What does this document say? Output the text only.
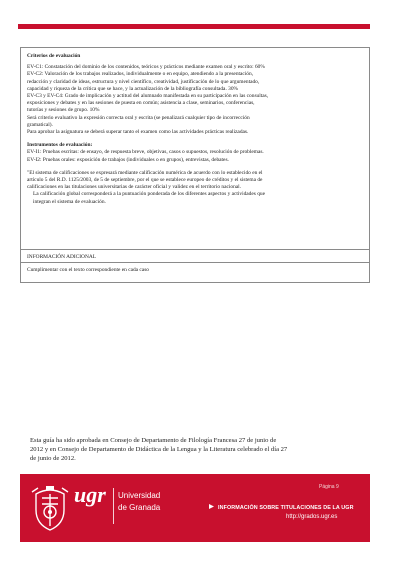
Criterios de evaluación
EV-C1: Constatación del dominio de los contenidos, teóricos y prácticos mediante examen oral y escrito: 60%
EV-C2: Valoración de los trabajos realizados, individualmente o en equipo, atendiendo a la presentación,
redacción y claridad de ideas, estructura y nivel científico, creatividad, justificación de lo que argumentado,
capacidad y riqueza de la crítica que se hace, y la actualización de la bibliografía consultada. 30%
EV-C3 y EV-C4: Grado de implicación y actitud del alumnado manifestada en su participación en las consultas,
exposiciones y debates y en las sesiones de puesta en común; asistencia a clase, seminarios, conferencias,
tutorías y sesiones de grupo. 10%
Será criterio evaluativo la expresión correcta oral y escrita (se penalizará cualquier tipo de incorrección
gramatical).
Para aprobar la asignatura se deberá superar tanto el examen como las actividades prácticas realizadas.
Instrumentos de evaluación:
EV-I1: Pruebas escritas: de ensayo, de respuesta breve, objetivas, casos o supuestos, resolución de problemas.
EV-I2: Pruebas orales: exposición de trabajos (individuales o en grupos), entrevistas, debates.
"El sistema de calificaciones se expresará mediante calificación numérica de acuerdo con lo establecido en el
artículo 5 del R.D. 1125/2003, de 5 de septiembre, por el que se establece europeo de créditos y el sistema de
calificaciones en las titulaciones universitarias de carácter oficial y validez en el territorio nacional.
La calificación global corresponderá a la puntuación ponderada de los diferentes aspectos y actividades que
integran el sistema de evaluación.
INFORMACIÓN ADICIONAL
Cumplimentar con el texto correspondiente en cada caso
Esta guía ha sido aprobada en Consejo de Departamento de Filología Francesa 27 de junio de
2012 y en Consejo de Departamento de Didáctica de la Lengua y la Literatura celebrado el día 27
de junio de 2012.
ugr Universidad
de Granada
Página 9
INFORMACIÓN SOBRE TITULACIONES DE LA UGR
http://grados.ugr.es
